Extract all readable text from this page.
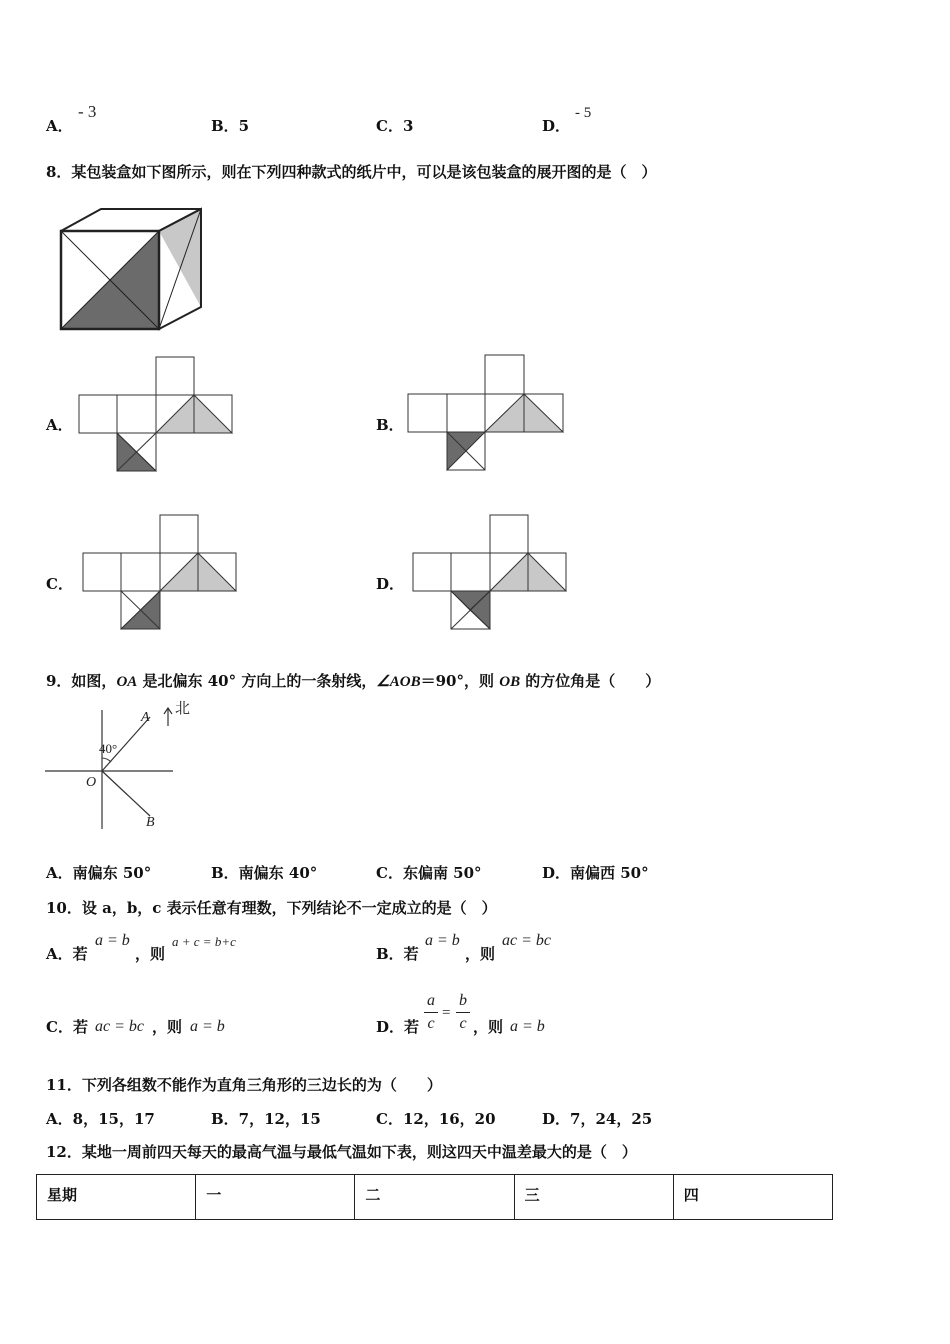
A．
- 3
B．5	C．3	D．
- 5
8．某包装盒如下图所示，则在下列四种款式的纸片中，可以是该包装盒的展开图的是（　）
A．	B．
C．	D．
9．如图，OA 是北偏东 40° 方向上的一条射线，∠AOB＝90°，则 OB 的方位角是（　　）
A
北
40°
O
B
A．南偏东 50°	B．南偏东 40°	C．东偏南 50°	D．南偏西 50°
10．设 a，b，c 表示任意有理数，下列结论不一定成立的是（　）
A．若
a = b
，则
a + c = b+c
B．若
a = b
，则
ac = bc
C．若 ac = bc ，则 a = b	D．若
a
c
=
b
c ，则 a = b
11．下列各组数不能作为直角三角形的三边长的为（　　）
A．8，15，17	B．7，12，15	C．12，16，20	D．7，24，25
12．某地一周前四天每天的最高气温与最低气温如下表，则这四天中温差最大的是（　）
星期	一	二	三	四
